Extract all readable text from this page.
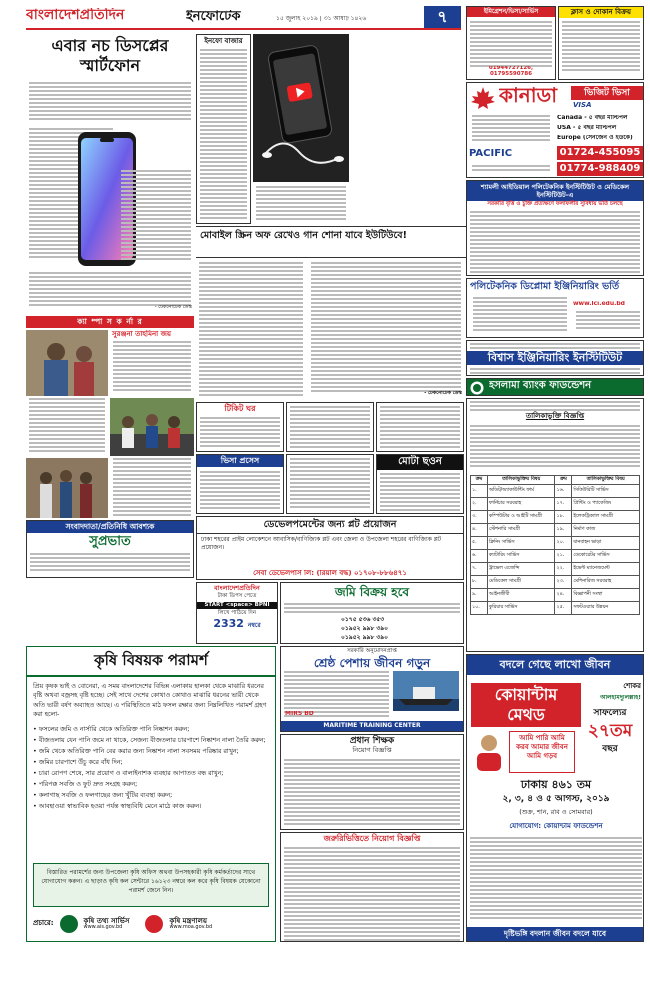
বাংলাদেশপ্রতিদিন	ইনফোটেক	১৫ জুলাই ২০১৯ | ৩১ আষাঢ় ১৪২৬	৭
এবার নচ ডিসপ্লের
স্মার্টফোন
- টেকনোটেক ডেস্ক
ইনফো বাজার
মোবাইল স্ক্রিন অফ রেখেও গান শোনা যাবে ইউটিউবে!
- টেকনোটেক ডেস্ক
ইমিগ্রেশন/ভিসা/সার্ভিস
01944727126, 01795590786
ক্লাস ও দোকান বিক্রয়
কানাডা	ভিজিট ভিসা
VISA
Canada - ৫ বছর মাল্টিপল
USA - ৫ বছর মাল্টিপল
Europe (সেনজেন ও ইউকে)
PACIFIC	01724-455095
01774-988409
শ্যামলী আইডিয়াল পলিটেকনিক ইনস্টিটিউট ও মেডিকেল ইনস্টিটিউট-এ
সরকারি বৃত্তি ও চুক্তি প্রত্যক্ষণে ফলাফলীর সুবিধায় ভর্তি চলছে
পলিটেকনিক ডিপ্লোমা ইঞ্জিনিয়ারিং ভর্তি
www.lci.edu.bd
বিশ্বাস ইঞ্জিনিয়ারিং ইনস্টিটিউট
ইসলামী ব্যাংক ফাউন্ডেশন
তালিকাভুক্তি বিজ্ঞপ্তি
ক্রম	তালিকাভুক্তির বিষয়	ক্রম	তালিকাভুক্তির বিষয়
১.	অডিট/অ্যাকাউন্টিং ফার্ম	১৬.	সিকিউরিটি সার্ভিস
২.	ফার্নিচার সরবরাহ	১৭.	প্রিন্টিং ও প্যাকেজিং
৩.	কম্পিউটার ও আইটি সামগ্রী	১৮.	ইলেকট্রিক্যাল সামগ্রী
৪.	স্টেশনারি সামগ্রী	১৯.	নির্মাণ কাজ
৫.	ক্লিনিং সার্ভিস	২০.	যানবাহন ভাড়া
৬.	ক্যাটারিং সার্ভিস	২১.	ডেকোরেটর সার্ভিস
৭.	ট্রাভেল এজেন্সি	২২.	ইভেন্ট ম্যানেজমেন্ট
৮.	মেডিকেল সামগ্রী	২৩.	মেশিনারিজ সরবরাহ
৯.	আইনজীবী	২৪.	বিজ্ঞাপনী সংস্থা
১০.	কুরিয়ার সার্ভিস	২৫.	সফটওয়্যার উন্নয়ন
ক্যা ম্পা স ক র্না র
সুরঞ্জনা তাহমিনা জয়
টিকিট ঘর
ভিসা প্রসেস	মোটা ছওন
ডেভেলপমেন্টের জন্য প্লট প্রয়োজন
ঢাকা শহরের প্রাইম লোকেশনে আবাসিক/বাণিজ্যিক প্লট এবং জেলা ও উপজেলা শহরের বাণিজ্যিক প্লট প্রয়োজন।
সেবা ডেভেলপার্স লি: (রিয়াল বদ্ধ) ০১৭০৮-৮৮৬৪৭১
জমি বিক্রয় হবে
০১৭৫ ৫৩৬ ৩৫৩
০১৯৫২ ৯৯৮ ৩৯০
০১৯৫২ ৯৯৮ ৩৯০
সংবাদদাতা/প্রতিনিধি আবশ্যক
সুপ্রভাত
বাংলাদেশপ্রতিদিন
টাকা ডিপস পেতে
START <space> BPNI
লিখে পাঠিয়ে দিন
2332 নম্বরে
কৃষি বিষয়ক পরামর্শ
প্রিয় কৃষক ভাই ও বোনেরা, এ সময় বাংলাদেশের বিভিন্ন এলাকায় হালকা থেকে মাঝারি ধরনের বৃষ্টি অথবা বজ্রসহ বৃষ্টি হচ্ছে। সেই সাথে দেশের কোথাও কোথাও মাঝারি ধরনের ভারী থেকে অতি ভারী বর্ষণ অব্যাহত আছে। এ পরিস্থিতিতে মাঠ ফসল রক্ষার জন্য নিম্নলিখিত পরামর্শ গ্রহণ করা হলো-
• ফসলের জমি ও নার্সারি থেকে অতিরিক্ত পানি নিষ্কাশন করুন;
• বীজতলায় যেন পানি জমে না থাকে, সেজন্য বীজতলার চারপাশে নিষ্কাশন নালা তৈরি করুন;
• জমি থেকে অতিরিক্ত পানি বের করার জন্য নিষ্কাশন নালা সবসময় পরিষ্কার রাখুন;
• জমির চারপাশে উঁচু করে বাঁধ দিন;
• চারা রোপণ শেষে, সার প্রয়োগ ও বালাইনাশক ব্যবহার আপাতত বন্ধ রাখুন;
• পরিপক্ক সবজি ও ফুট দ্রুত সংগ্রহ করুন;
• কলাগাছ সবজি ও ফলগাছের জন্য খুঁটির ব্যবস্থা করুন;
• আবহাওয়া স্বাভাবিক হওয়া পর্যন্ত স্বাস্থ্যবিধি মেনে মাঠে কাজ করুন।
বিস্তারিত পরামর্শের জন্য উপজেলা কৃষি অফিস অথবা উপসহকারী কৃষি কর্মকর্তাদের সাথে যোগাযোগ করুন। এ ছাড়াও কৃষি কল সেন্টারে ১৬১২৩ নম্বরে কল করে কৃষি বিষয়ক যেকোনো পরামর্শ জেনে নিন।
প্রচারে:	কৃষি তথ্য সার্ভিস
www.ais.gov.bd
কৃষি মন্ত্রণালয়
www.moa.gov.bd
সরকারি অনুমোদনপ্রাপ্ত
শ্রেষ্ঠ পেশায় জীবন গড়ুন
MIRS BD
MARITIME TRAINING CENTER
প্রধান শিক্ষক
নিয়োগ বিজ্ঞপ্তি
জরুরিভিত্তিতে নিয়োগ বিজ্ঞপ্তি
বদলে গেছে লাখো জীবন
কোয়ান্টাম
মেথড
শোকর
আলহামদুলিল্লাহ!
সাফল্যের
২৭তম
বছর
আমি পারি আমি করব আমার জীবন আমি গড়ব
ঢাকায় ৪৬১ তম
২, ৩, ৪ ও ৫ আগস্ট, ২০১৯
(শুক্র, শনি, রবি ও সোমবার)
যোগাযোগ: কোয়ান্টাম ফাউন্ডেশন
দৃষ্টিভঙ্গি বদলান জীবন বদলে যাবে
